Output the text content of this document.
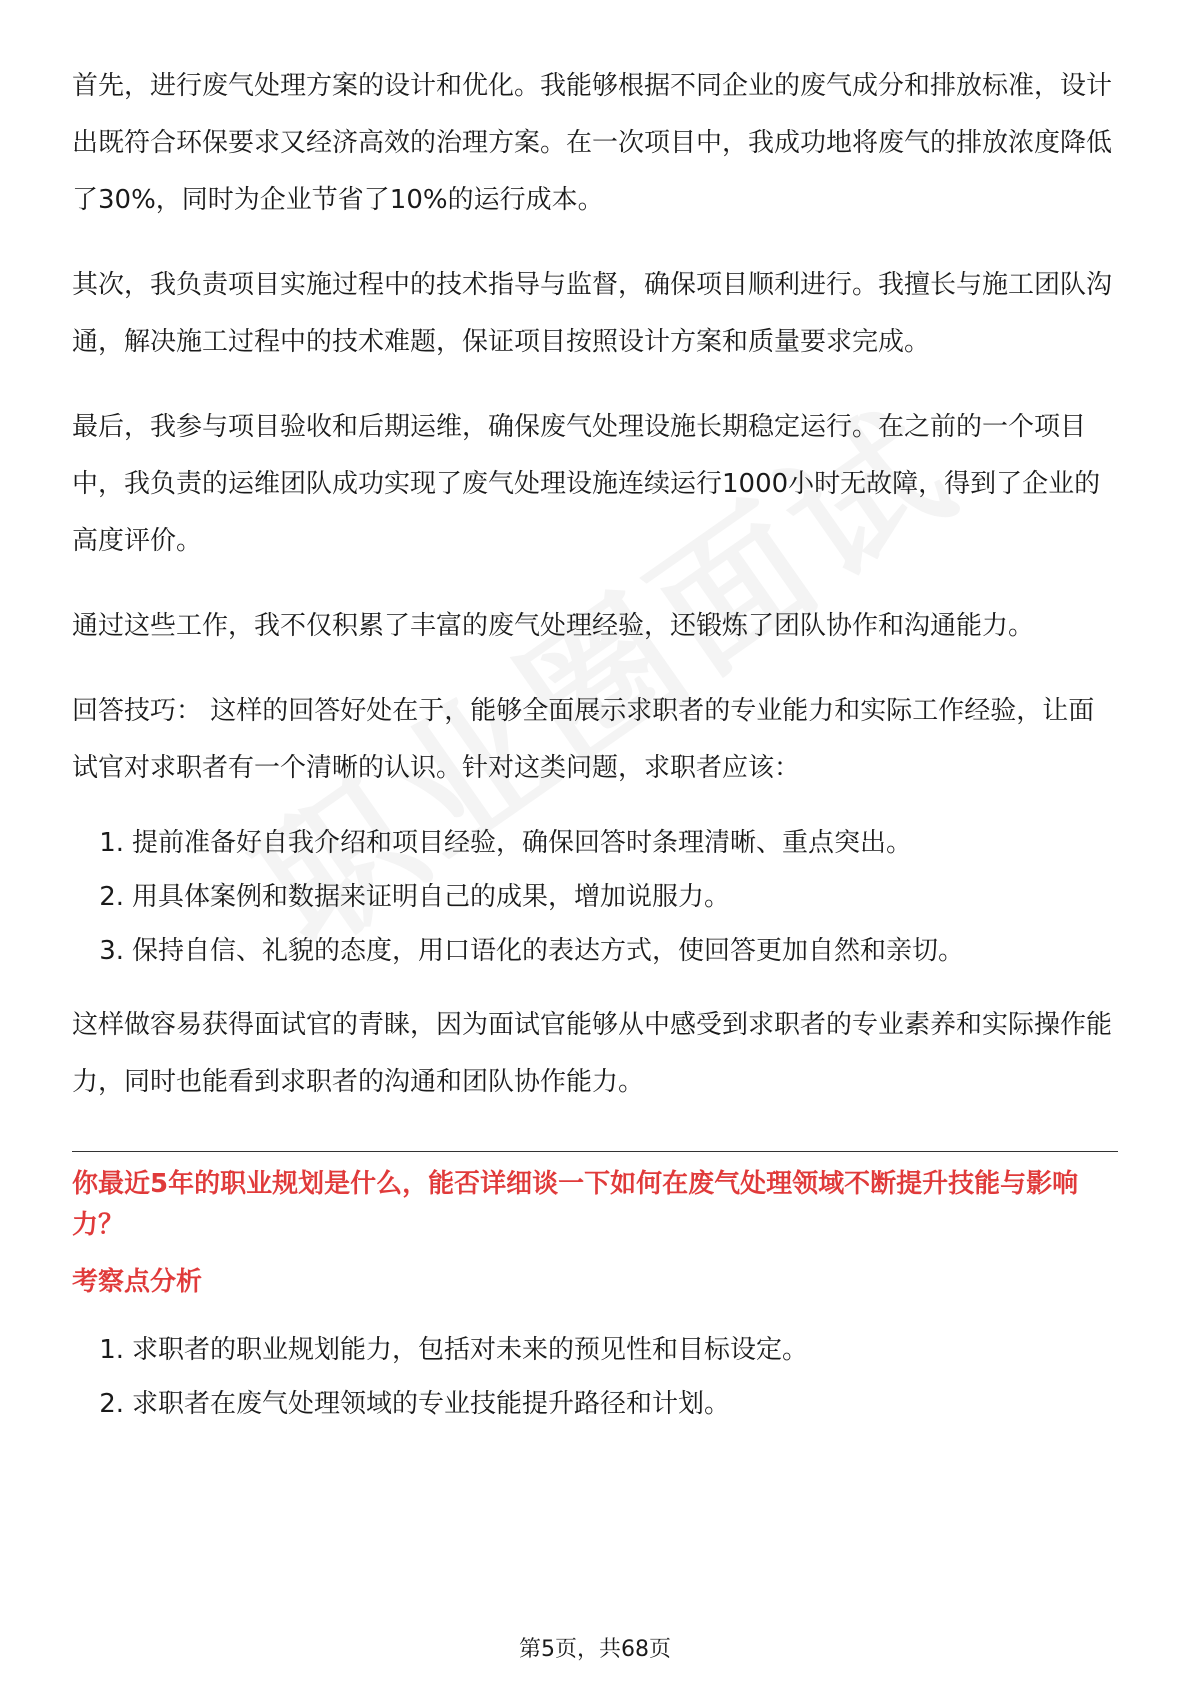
首先，进行废气处理方案的设计和优化。我能够根据不同企业的废气成分和排放标准，设计出既符合环保要求又经济高效的治理方案。在一次项目中，我成功地将废气的排放浓度降低了30%，同时为企业节省了10%的运行成本。

其次，我负责项目实施过程中的技术指导与监督，确保项目顺利进行。我擅长与施工团队沟通，解决施工过程中的技术难题，保证项目按照设计方案和质量要求完成。

最后，我参与项目验收和后期运维，确保废气处理设施长期稳定运行。在之前的一个项目中，我负责的运维团队成功实现了废气处理设施连续运行1000小时无故障，得到了企业的高度评价。

通过这些工作，我不仅积累了丰富的废气处理经验，还锻炼了团队协作和沟通能力。

回答技巧： 这样的回答好处在于，能够全面展示求职者的专业能力和实际工作经验，让面试官对求职者有一个清晰的认识。针对这类问题，求职者应该：

1. 提前准备好自我介绍和项目经验，确保回答时条理清晰、重点突出。
2. 用具体案例和数据来证明自己的成果，增加说服力。
3. 保持自信、礼貌的态度，用口语化的表达方式，使回答更加自然和亲切。

这样做容易获得面试官的青睐，因为面试官能够从中感受到求职者的专业素养和实际操作能力，同时也能看到求职者的沟通和团队协作能力。

你最近5年的职业规划是什么，能否详细谈一下如何在废气处理领域不断提升技能与影响力？
考察点分析
1. 求职者的职业规划能力，包括对未来的预见性和目标设定。
2. 求职者在废气处理领域的专业技能提升路径和计划。
第5页，共68页
